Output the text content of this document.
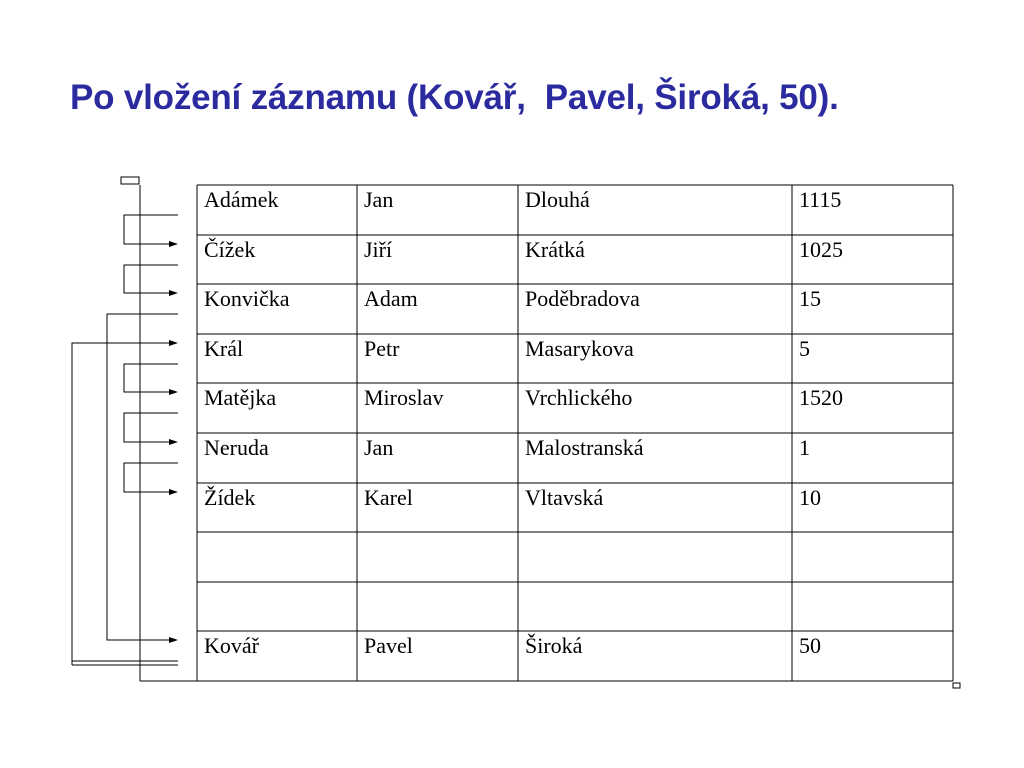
Po vložení záznamu (Kovář,  Pavel, Široká, 50).
Adámek	Jan	Dlouhá	1115
Čížek	Jiří	Krátká	1025
Konvička	Adam	Poděbradova	15
Král	Petr	Masarykova	5
Matějka	Miroslav	Vrchlického	1520
Neruda	Jan	Malostranská	1
Žídek	Karel	Vltavská	10
Kovář	Pavel	Široká	50
